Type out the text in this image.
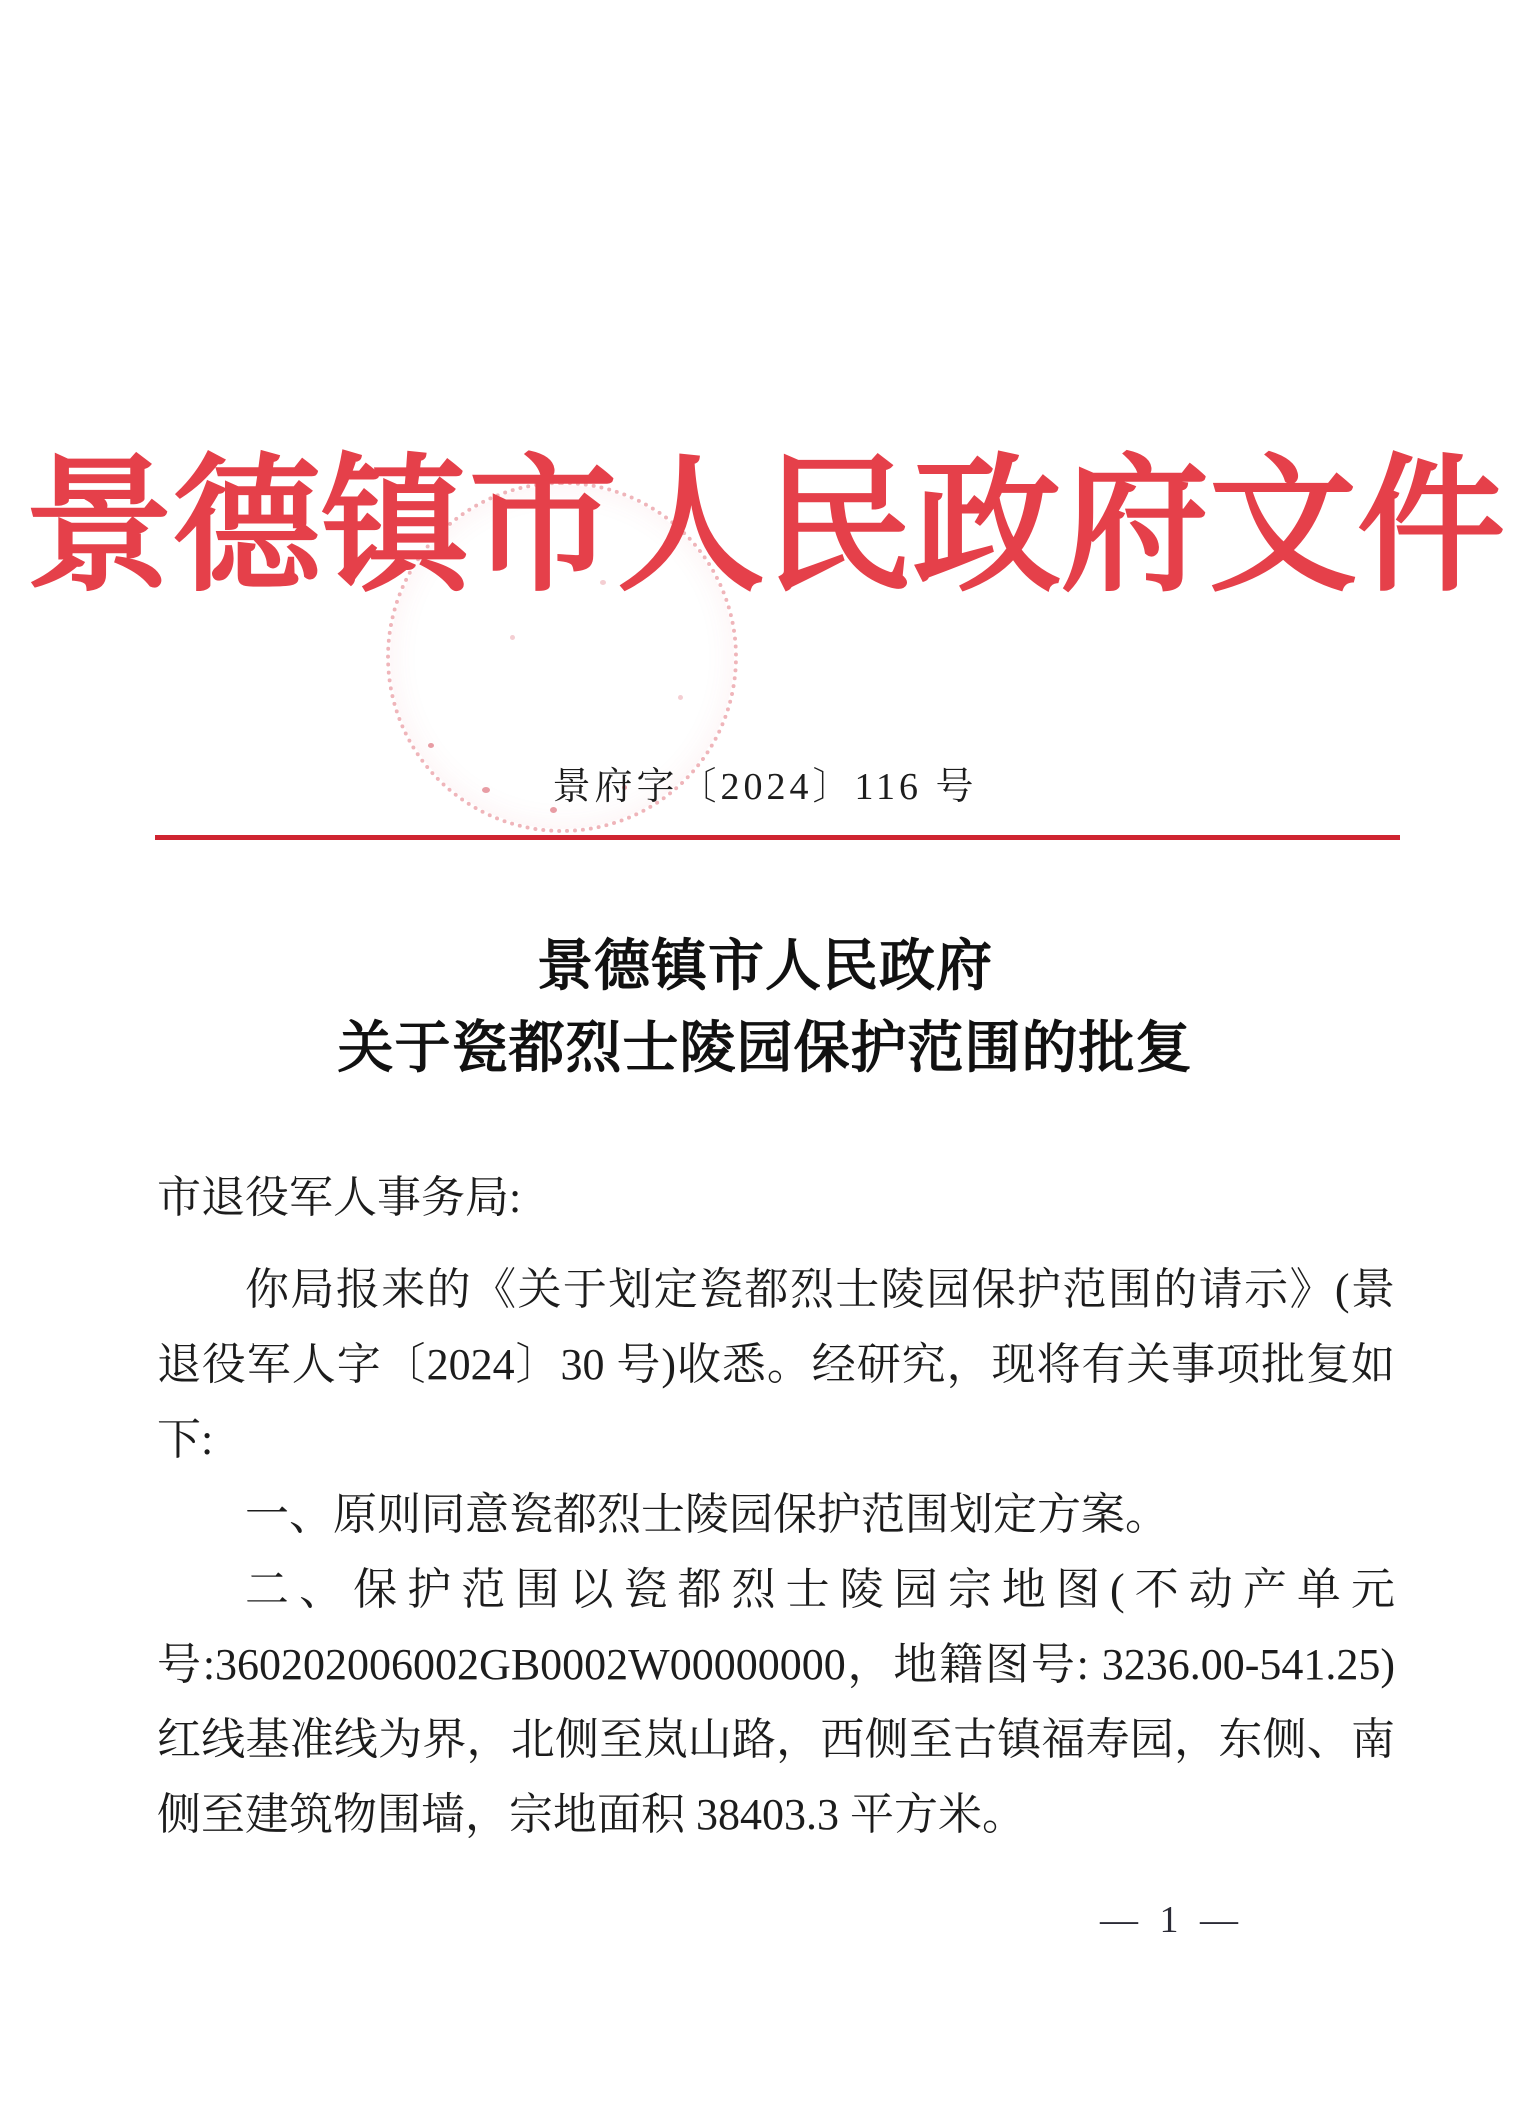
景德镇市人民政府文件
景府字〔2024〕116 号
景德镇市人民政府
关于瓷都烈士陵园保护范围的批复
市退役军人事务局:
你局报来的《关于划定瓷都烈士陵园保护范围的请示》(景
退役军人字〔2024〕30 号)收悉。经研究，现将有关事项批复如
下:
一、原则同意瓷都烈士陵园保护范围划定方案。
二、保护范围以瓷都烈士陵园宗地图(不动产单元
号:360202006002GB0002W00000000，地籍图号: 3236.00-541.25)
红线基准线为界，北侧至岚山路，西侧至古镇福寿园，东侧、南
侧至建筑物围墙，宗地面积 38403.3 平方米。
— 1 —
